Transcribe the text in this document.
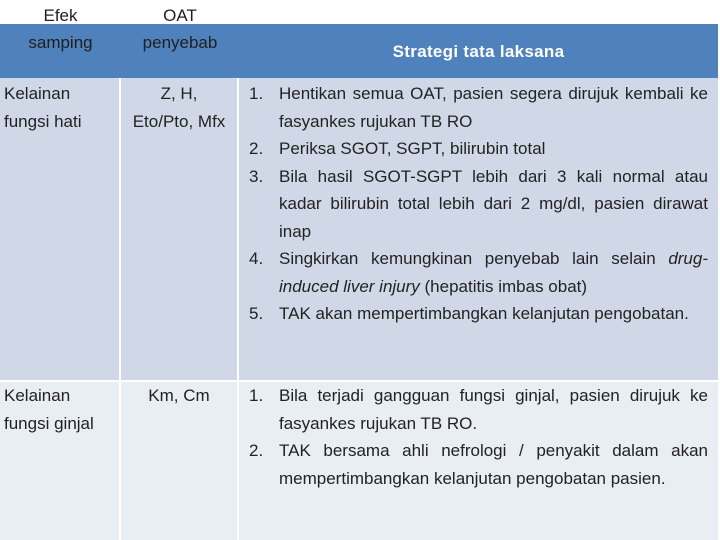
Efek
samping
OAT
penyebab	Strategi tata laksana
Kelainan
fungsi hati
Z, H,
Eto/Pto, Mfx
1. Hentikan semua OAT, pasien segera dirujuk kembali ke fasyankes rujukan TB RO
2. Periksa SGOT, SGPT, bilirubin total
3. Bila hasil SGOT-SGPT lebih dari 3 kali normal atau kadar bilirubin total lebih dari 2 mg/dl, pasien dirawat inap
4. Singkirkan kemungkinan penyebab lain selain drug-induced liver injury (hepatitis imbas obat)
5. TAK akan mempertimbangkan kelanjutan pengobatan.
Kelainan
fungsi ginjal
Km, Cm	1. Bila terjadi gangguan fungsi ginjal, pasien dirujuk ke fasyankes rujukan TB RO.
2. TAK bersama ahli nefrologi / penyakit dalam akan mempertimbangkan kelanjutan pengobatan pasien.
